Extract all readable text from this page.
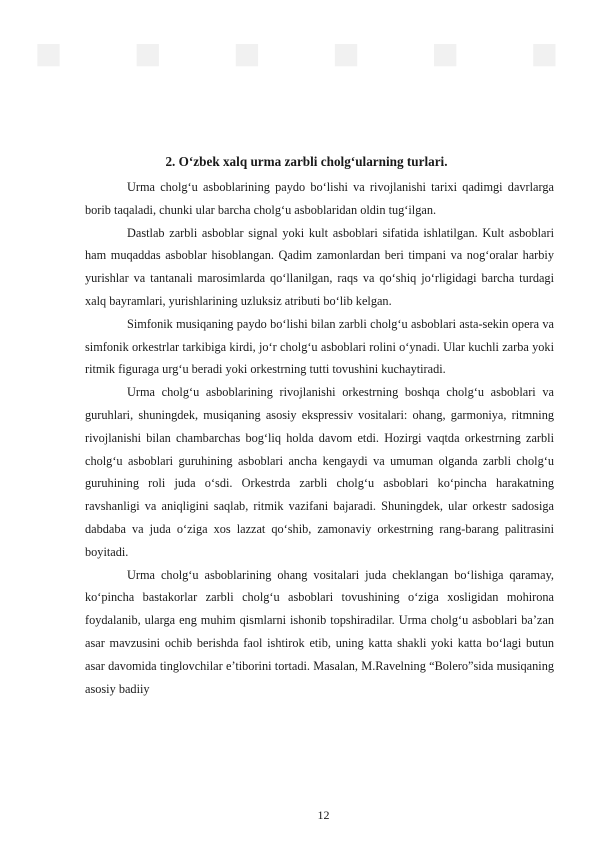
■ ■ ■ ■ ■ ■
2. O‘zbek xalq urma zarbli cholg‘ularning turlari.

Urma cholg‘u asboblarining paydo bo‘lishi va rivojlanishi tarixi qadimgi davrlarga borib taqaladi, chunki ular barcha cholg‘u asboblaridan oldin tug‘ilgan.

Dastlab zarbli asboblar signal yoki kult asboblari sifatida ishlatilgan. Kult asboblari ham muqaddas asboblar hisoblangan. Qadim zamonlardan beri timpani va nog‘oralar harbiy yurishlar va tantanali marosimlarda qo‘llanilgan, raqs va qo‘shiq jo‘rligidagi barcha turdagi xalq bayramlari, yurishlarining uzluksiz atributi bo‘lib kelgan.

Simfonik musiqaning paydo boʻlishi bilan zarbli cholgʻu asboblari asta-sekin opera va simfonik orkestrlar tarkibiga kirdi, joʻr cholgʻu asboblari rolini oʻynadi. Ular kuchli zarba yoki ritmik figuraga urg‘u beradi yoki orkestrning tutti tovushini kuchaytiradi.

Urma cholg‘u asboblarining rivojlanishi orkestrning boshqa cholg‘u asboblari va guruhlari, shuningdek, musiqaning asosiy ekspressiv vositalari: ohang, garmoniya, ritmning rivojlanishi bilan chambarchas bog‘liq holda davom etdi. Hozirgi vaqtda orkestrning zarbli cholg‘u asboblari guruhining asboblari ancha kengaydi va umuman olganda zarbli cholg‘u guruhining roli juda o‘sdi. Orkestrda zarbli cholg‘u asboblari ko‘pincha harakatning ravshanligi va aniqligini saqlab, ritmik vazifani bajaradi. Shuningdek, ular orkestr sadosiga dabdaba va juda o‘ziga xos lazzat qo‘shib, zamonaviy orkestrning rang-barang palitrasini boyitadi.

Urma cholgʻu asboblarining ohang vositalari juda cheklangan boʻlishiga qaramay, koʻpincha bastakorlar zarbli cholgʻu asboblari tovushining oʻziga xosligidan mohirona foydalanib, ularga eng muhim qismlarni ishonib topshiradilar. Urma cholg‘u asboblari ba’zan asar mavzusini ochib berishda faol ishtirok etib, uning katta shakli yoki katta bo‘lagi butun asar davomida tinglovchilar e’tiborini tortadi. Masalan, M.Ravelning “Bolero”sida musiqaning asosiy badiiy

12
